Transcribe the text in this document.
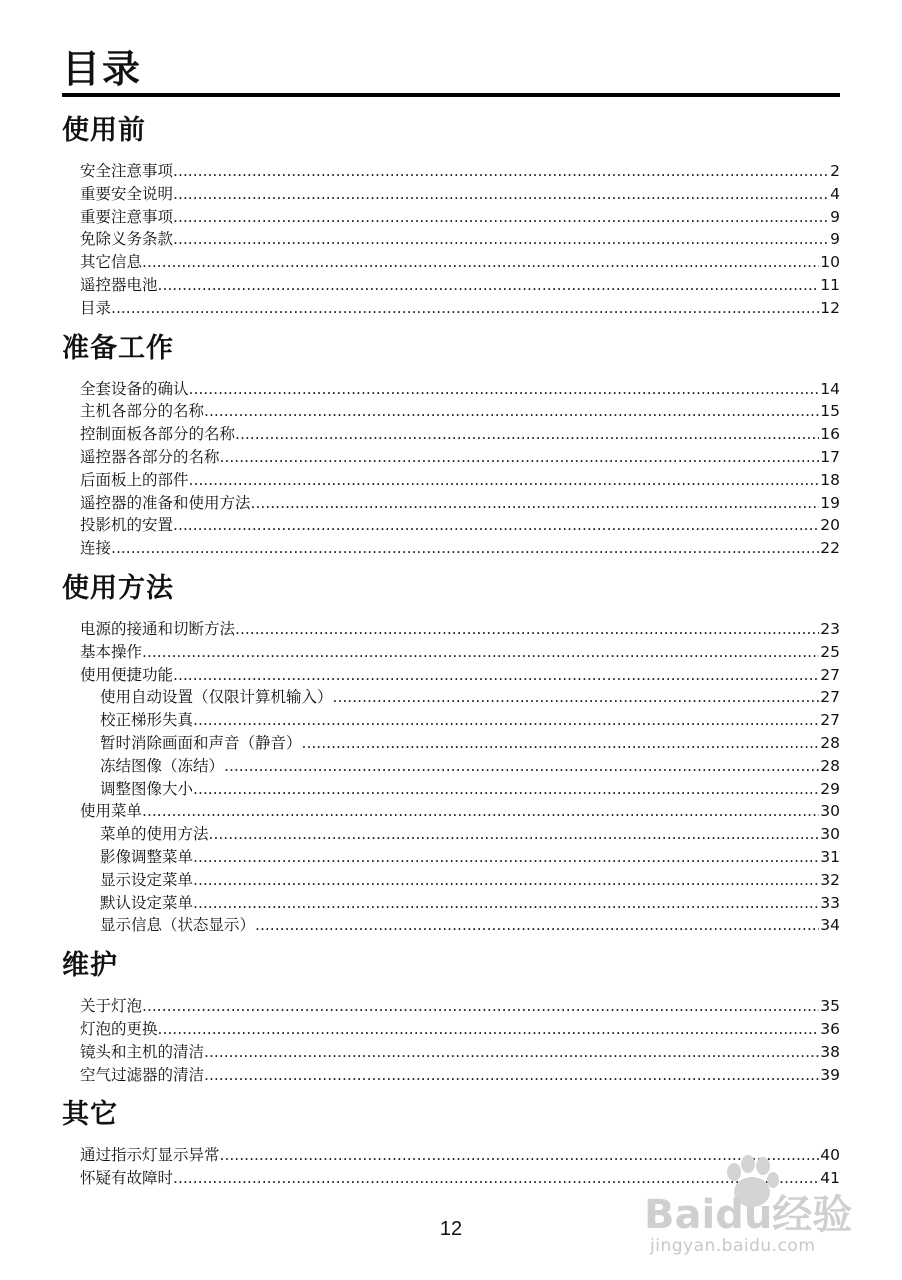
目录
使用前
安全注意事项 .....	2
重要安全说明 .....	4
重要注意事项 .....	9
免除义务条款 .....	9
其它信息 .....	10
遥控器电池 .....	11
目录 .....	12
准备工作
全套设备的确认 .....	14
主机各部分的名称 .....	15
控制面板各部分的名称 .....	16
遥控器各部分的名称 .....	17
后面板上的部件 .....	18
遥控器的准备和使用方法 .....	19
投影机的安置 .....	20
连接 .....	22
使用方法
电源的接通和切断方法 .....	23
基本操作 .....	25
使用便捷功能 .....	27
使用自动设置（仅限计算机输入） .....	27
校正梯形失真 .....	27
暂时消除画面和声音（静音） .....	28
冻结图像（冻结） .....	28
调整图像大小 .....	29
使用菜单 .....	30
菜单的使用方法 .....	30
影像调整菜单 .....	31
显示设定菜单 .....	32
默认设定菜单 .....	33
显示信息（状态显示） .....	34
维护
关于灯泡 .....	35
灯泡的更换 .....	36
镜头和主机的清洁 .....	38
空气过滤器的清洁 .....	39
其它
通过指示灯显示异常 .....	40
怀疑有故障时 .....	41
12	Baidu经验
jingyan.baidu.com
